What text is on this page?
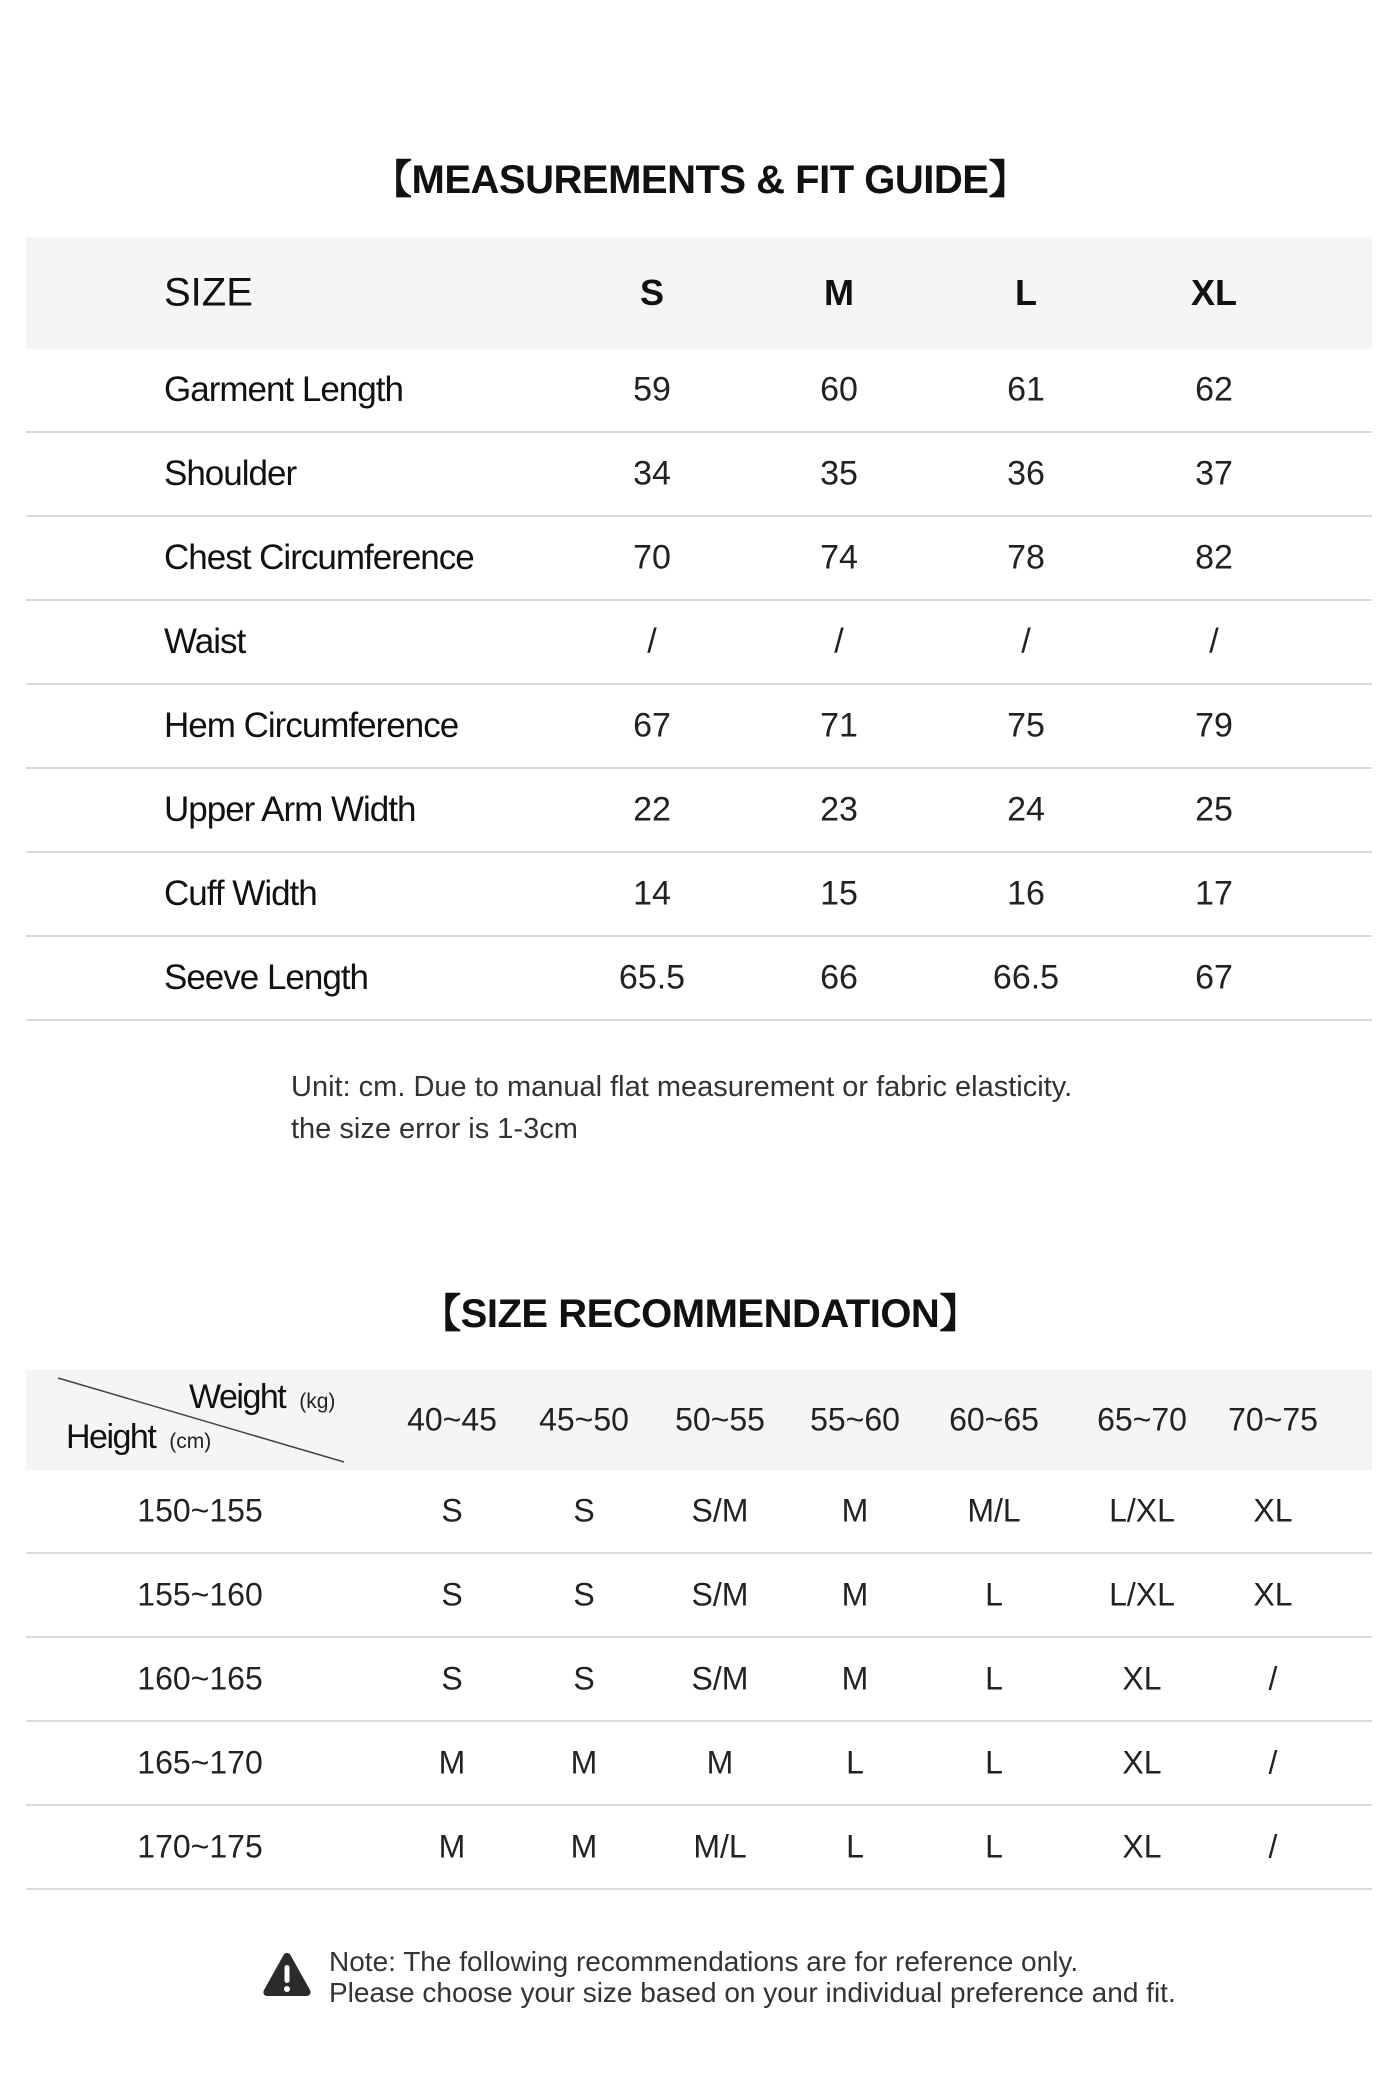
【MEASUREMENTS & FIT GUIDE】
SIZE	S	M	L	XL
Garment Length	59	60	61	62
Shoulder	34	35	36	37
Chest Circumference	70	74	78	82
Waist	/	/	/	/
Hem Circumference	67	71	75	79
Upper Arm Width	22	23	24	25
Cuff Width	14	15	16	17
Seeve Length	65.5	66	66.5	67
Unit: cm. Due to manual flat measurement or fabric elasticity.
the size error is 1-3cm
【SIZE RECOMMENDATION】
Weight (kg)
Height (cm)
40~45 45~50 50~55 55~60 60~65 65~70 70~75
150~155	S	S	S/M	M	M/L	L/XL XL
155~160	S	S	S/M	M	L	L/XL XL
160~165	S	S	S/M	M	L	XL	/
165~170	M	M	M	L	L	XL	/
170~175	M	M	M/L	L	L	XL	/
Note: The following recommendations are for reference only.
Please choose your size based on your individual preference and fit.
